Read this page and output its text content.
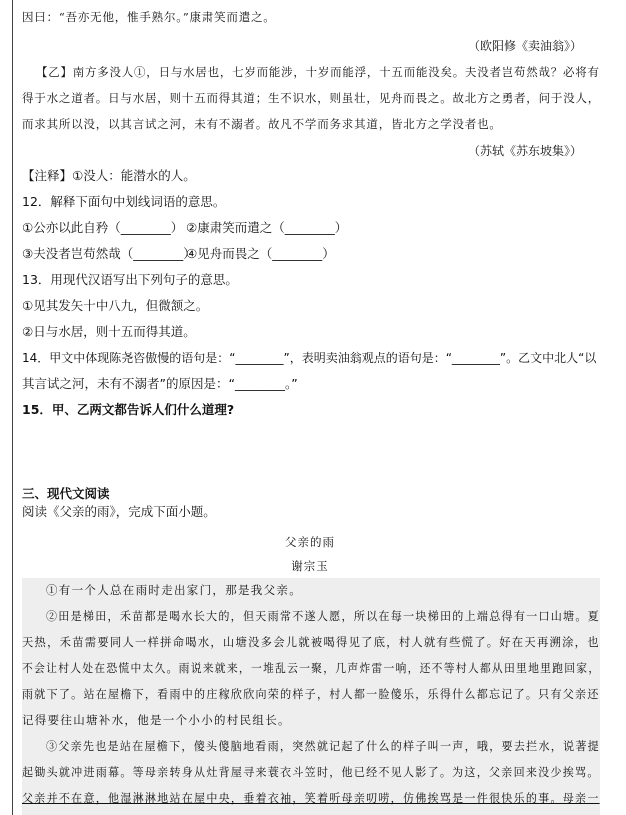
因曰：“吾亦无他，惟手熟尔。”康肃笑而遣之。
（欧阳修《卖油翁》）
【乙】南方多没人①，日与水居也，七岁而能涉，十岁而能浮，十五而能没矣。夫没者岂苟然哉？必将有
得于水之道者。日与水居，则十五而得其道；生不识水，则虽壮，见舟而畏之。故北方之勇者，问于没人，
而求其所以没，以其言试之河，未有不溺者。故凡不学而务求其道，皆北方之学没者也。
（苏轼《苏东坡集》）
【注释】①没人：能潜水的人。
12．解释下面句中划线词语的意思。
①公亦以此自矜（________） ②康肃笑而遣之（________）
③夫没者岂苟然哉（________）
④见舟而畏之（________）
13．用现代汉语写出下列句子的意思。
①见其发矢十中八九，但微颔之。
②日与水居，则十五而得其道。
14．甲文中体现陈尧咨傲慢的语句是：“________”，表明卖油翁观点的语句是：“________”。乙文中北人“以
其言试之河，未有不溺者”的原因是：“________。”
15．甲、乙两文都告诉人们什么道理?
三、现代文阅读
阅读《父亲的雨》，完成下面小题。
父亲的雨
谢宗玉
①有一个人总在雨时走出家门，那是我父亲。
②田是梯田，禾苗都是喝水长大的，但天雨常不遂人愿，所以在每一块梯田的上端总得有一口山塘。夏
天热，禾苗需要同人一样拼命喝水，山塘没多会儿就被喝得见了底，村人就有些慌了。好在天再溯涂，也
不会让村人处在恐慌中太久。雨说来就来，一堆乱云一聚，几声炸雷一响，还不等村人都从田里地里跑回家，
雨就下了。站在屋檐下，看雨中的庄稼欣欣向荣的样子，村人都一脸傻乐，乐得什么都忘记了。只有父亲还
记得要往山塘补水，他是一个小小的村民组长。
③父亲先也是站在屋檐下，傻头傻脑地看雨，突然就记起了什么的样子叫一声，哦，要去拦水，说著提
起锄头就冲进雨幕。等母亲转身从灶背屋寻来蓑衣斗笠时，他已经不见人影了。为这，父亲回来没少挨骂。
父亲并不在意，他湿淋淋地站在屋中央，垂着衣袖，笑着听母亲叨唠，仿佛挨骂是一件很快乐的事。母亲一
